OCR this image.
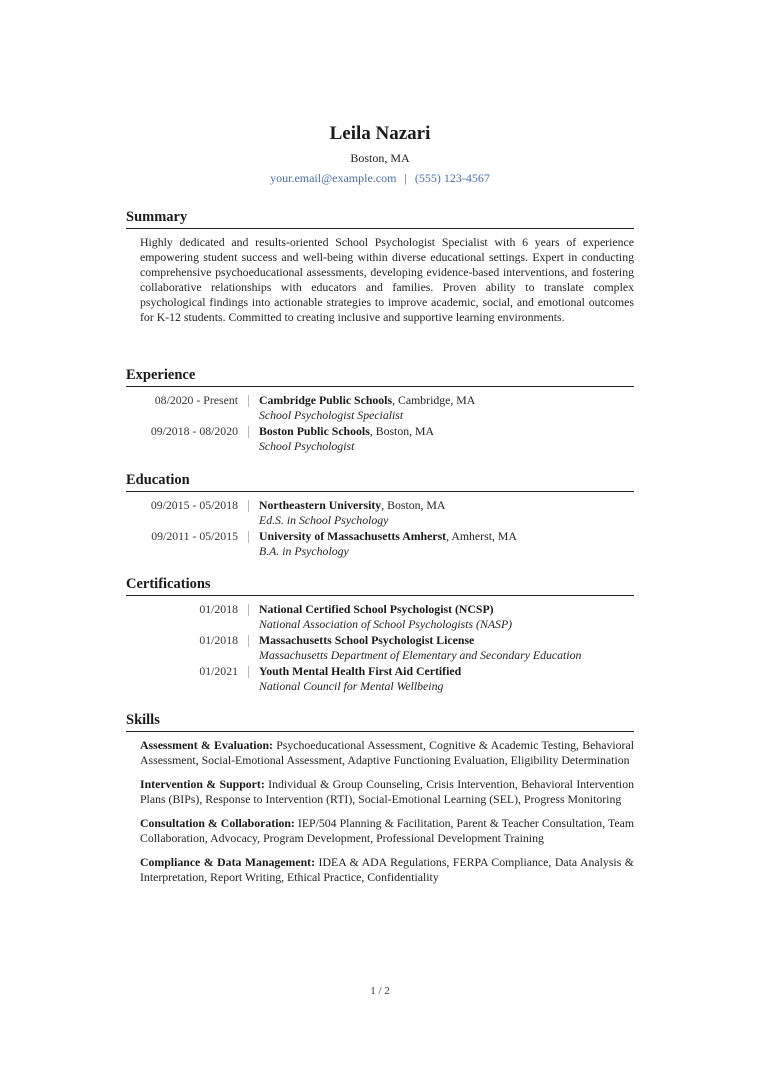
Leila Nazari
Boston, MA
your.email@example.com | (555) 123-4567
Summary
Highly dedicated and results-oriented School Psychologist Specialist with 6 years of experience empowering student success and well-being within diverse educational settings. Expert in conducting comprehensive psychoeducational assessments, developing evidence-based interventions, and fostering collaborative relationships with educators and families. Proven ability to translate complex psychological findings into actionable strategies to improve academic, social, and emotional outcomes for K-12 students. Committed to creating inclusive and supportive learning environments.
Experience
08/2020 - Present	Cambridge Public Schools, Cambridge, MA
School Psychologist Specialist
09/2018 - 08/2020	Boston Public Schools, Boston, MA
School Psychologist
Education
09/2015 - 05/2018	Northeastern University, Boston, MA
Ed.S. in School Psychology
09/2011 - 05/2015	University of Massachusetts Amherst, Amherst, MA
B.A. in Psychology
Certifications
01/2018	National Certified School Psychologist (NCSP)
National Association of School Psychologists (NASP)
01/2018	Massachusetts School Psychologist License
Massachusetts Department of Elementary and Secondary Education
01/2021	Youth Mental Health First Aid Certified
National Council for Mental Wellbeing
Skills
Assessment & Evaluation: Psychoeducational Assessment, Cognitive & Academic Testing, Behavioral Assessment, Social-Emotional Assessment, Adaptive Functioning Evaluation, Eligibility Determination
Intervention & Support: Individual & Group Counseling, Crisis Intervention, Behavioral Intervention Plans (BIPs), Response to Intervention (RTI), Social-Emotional Learning (SEL), Progress Monitoring
Consultation & Collaboration: IEP/504 Planning & Facilitation, Parent & Teacher Consultation, Team Collaboration, Advocacy, Program Development, Professional Development Training
Compliance & Data Management: IDEA & ADA Regulations, FERPA Compliance, Data Analysis & Interpretation, Report Writing, Ethical Practice, Confidentiality
1 / 2
